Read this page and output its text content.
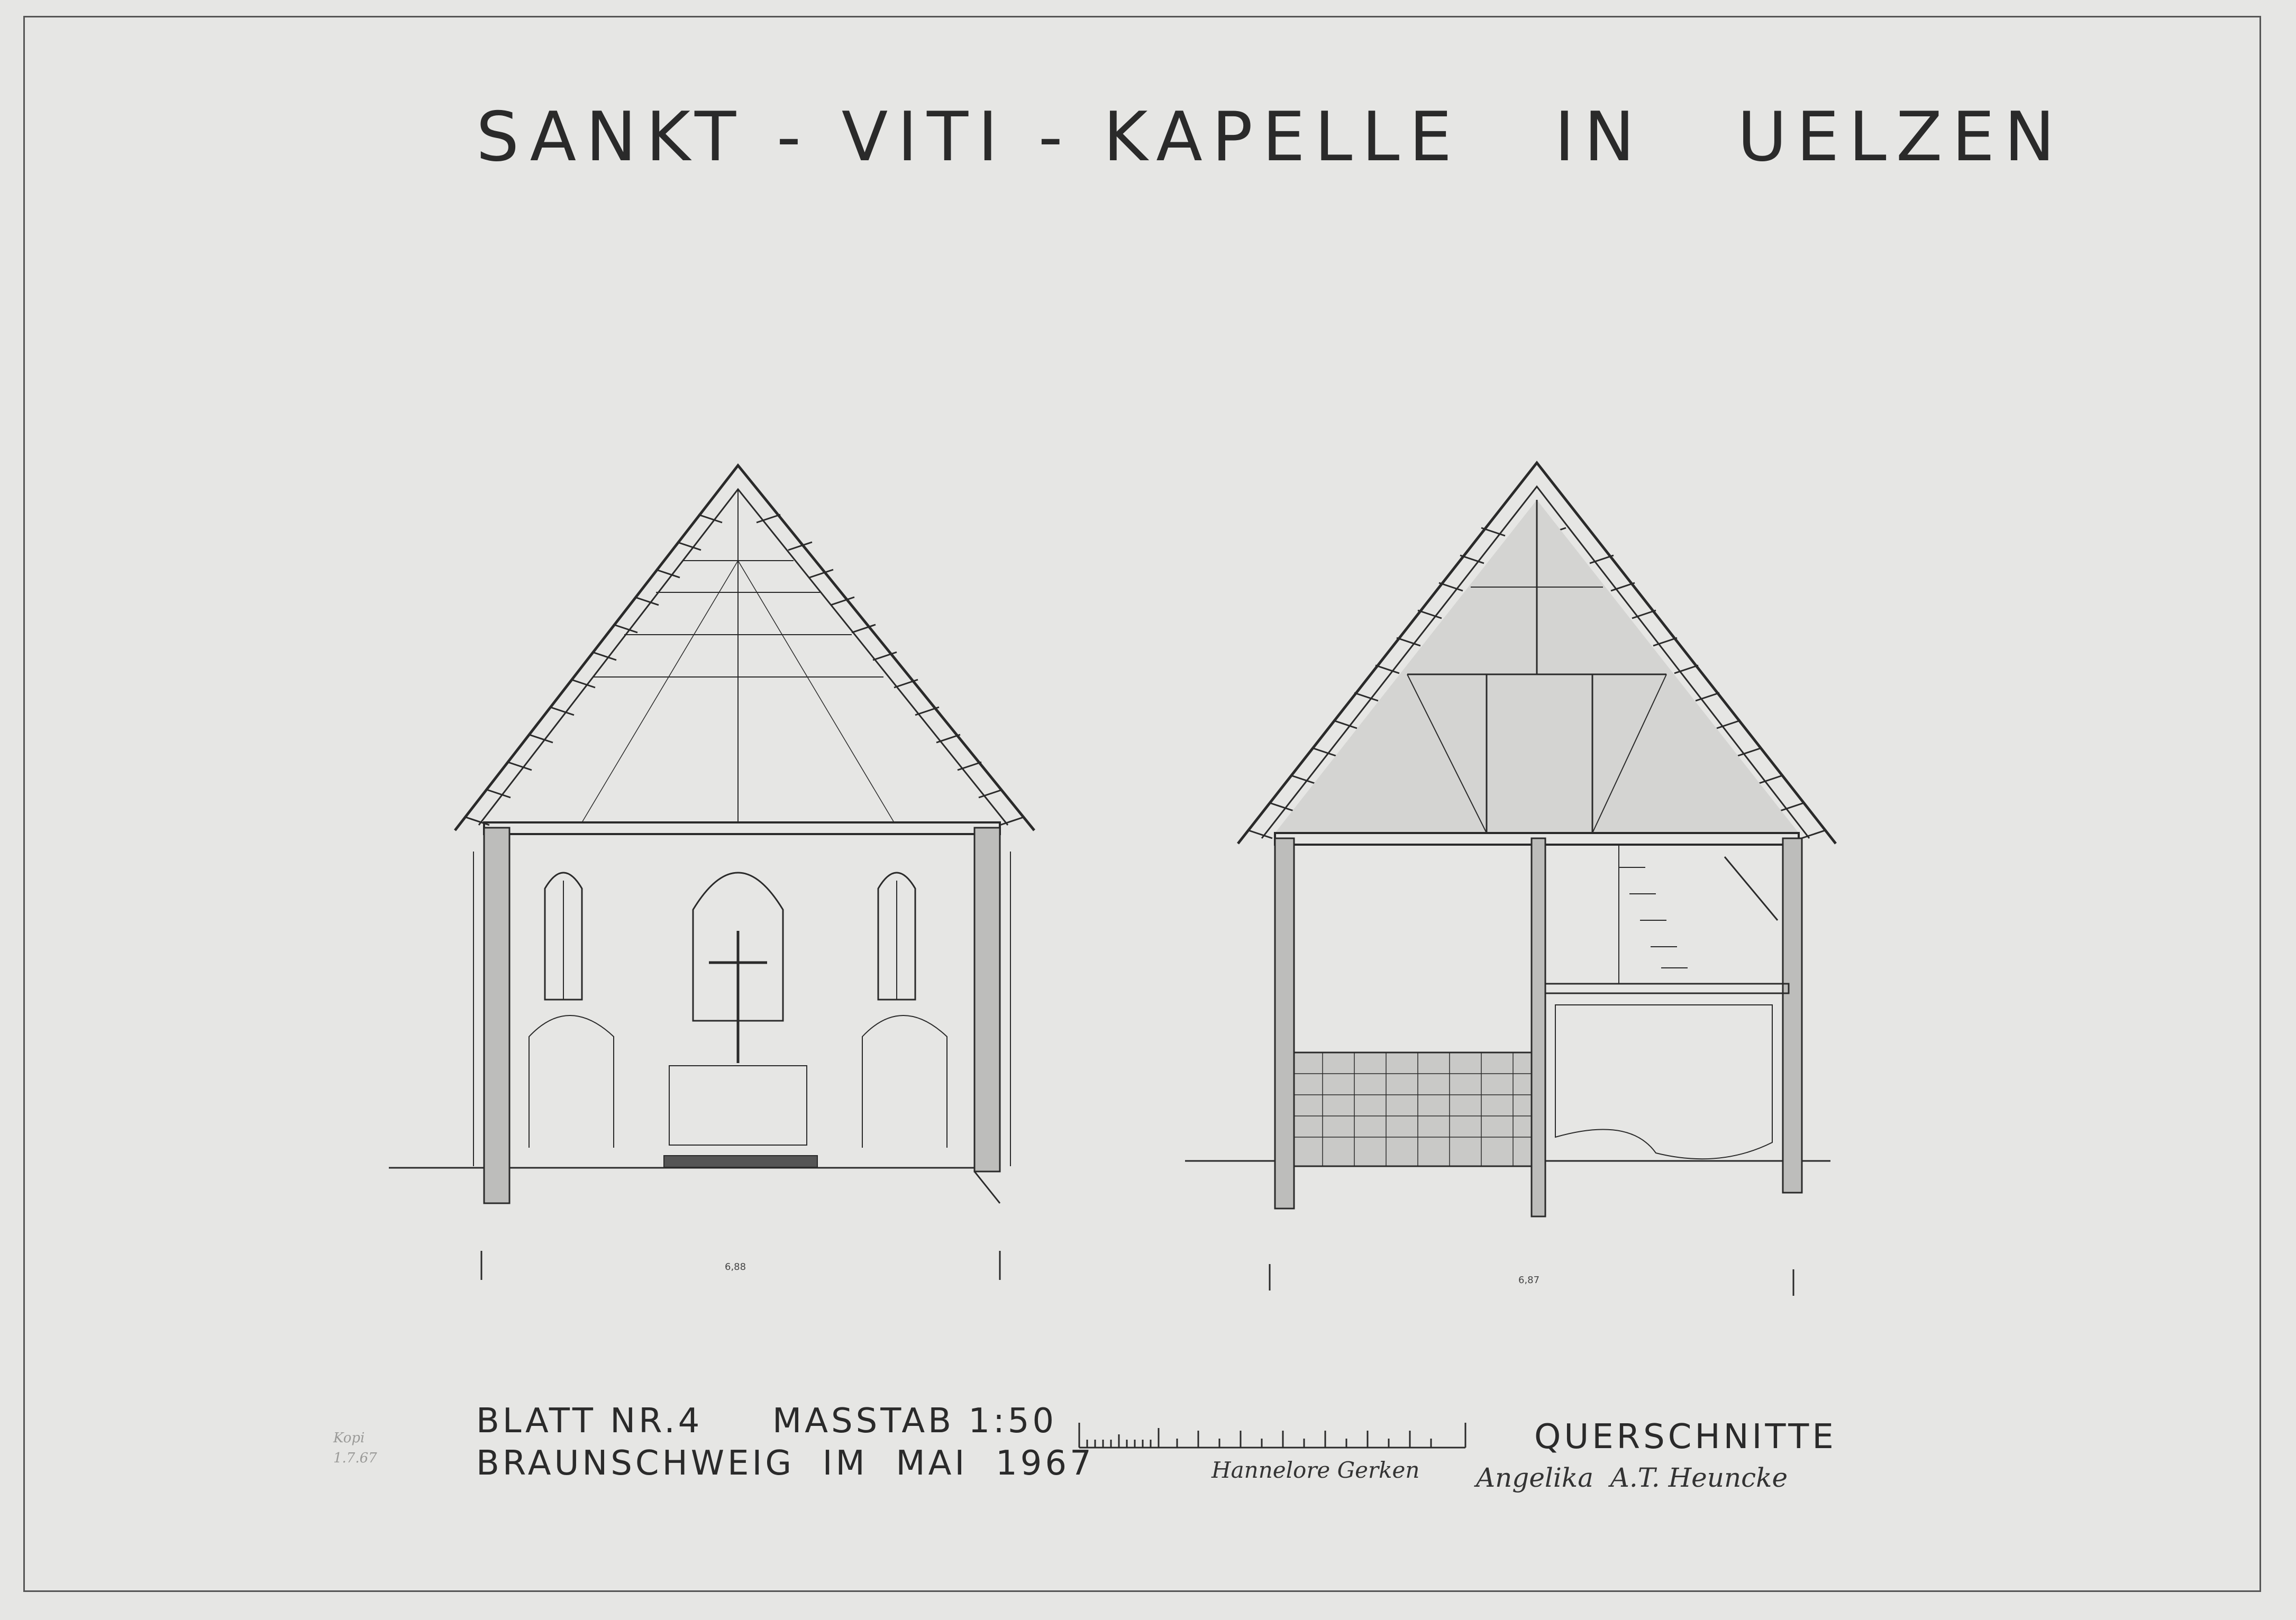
SANKT - VITI - KAPELLE   IN   UELZEN
6,88
6,87
BLATT NR.4 MASSTAB 1:50	QUERSCHNITTE
BRAUNSCHWEIG  IM  MAI  1967	Hannelore Gerken Angelika  A.T. Heuncke
Kopi 1.7.67
